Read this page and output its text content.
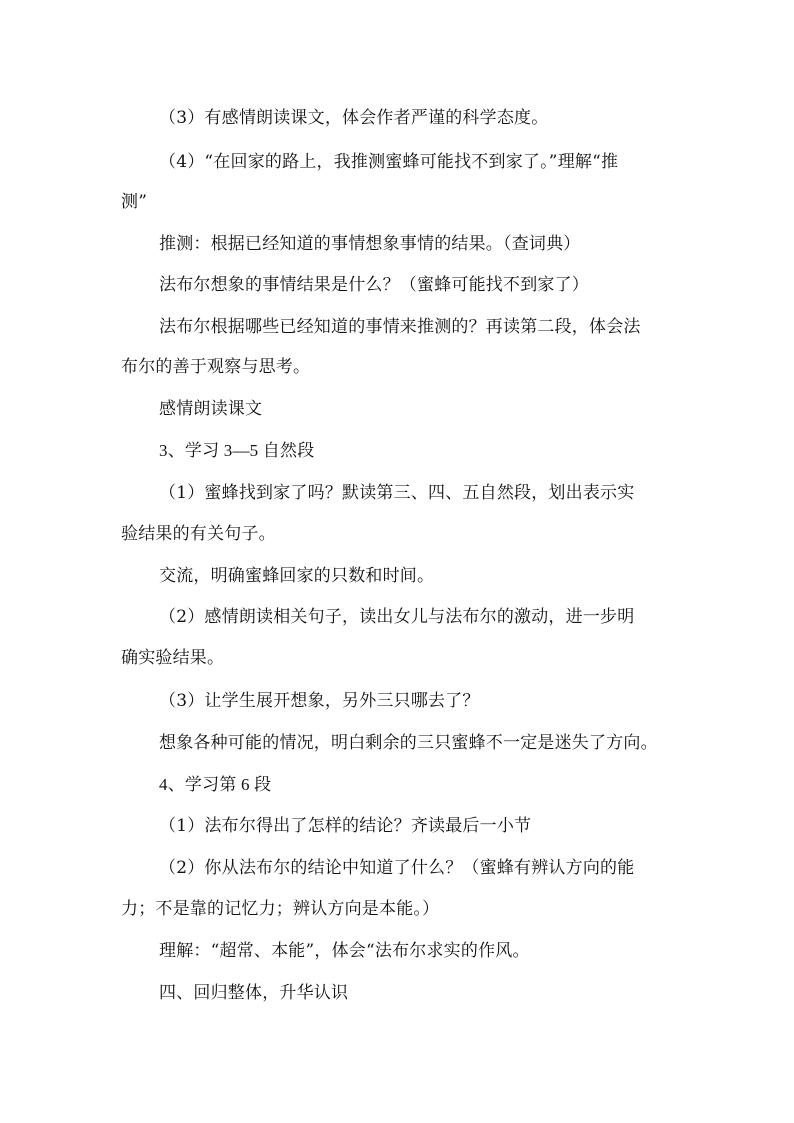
（3）有感情朗读课文，体会作者严谨的科学态度。
（4）“在回家的路上，我推测蜜蜂可能找不到家了。”理解“推
测”
推测：根据已经知道的事情想象事情的结果。（查词典）
法布尔想象的事情结果是什么？（蜜蜂可能找不到家了）
法布尔根据哪些已经知道的事情来推测的？再读第二段，体会法
布尔的善于观察与思考。
感情朗读课文
3、学习 3—5 自然段
（1）蜜蜂找到家了吗？默读第三、四、五自然段，划出表示实
验结果的有关句子。
交流，明确蜜蜂回家的只数和时间。
（2）感情朗读相关句子，读出女儿与法布尔的激动，进一步明
确实验结果。
（3）让学生展开想象，另外三只哪去了？
想象各种可能的情况，明白剩余的三只蜜蜂不一定是迷失了方向。
4、学习第 6 段
（1）法布尔得出了怎样的结论？齐读最后一小节
（2）你从法布尔的结论中知道了什么？（蜜蜂有辨认方向的能
力；不是靠的记忆力；辨认方向是本能。）
理解：“超常、本能”，体会“法布尔求实的作风。
四、回归整体，升华认识
